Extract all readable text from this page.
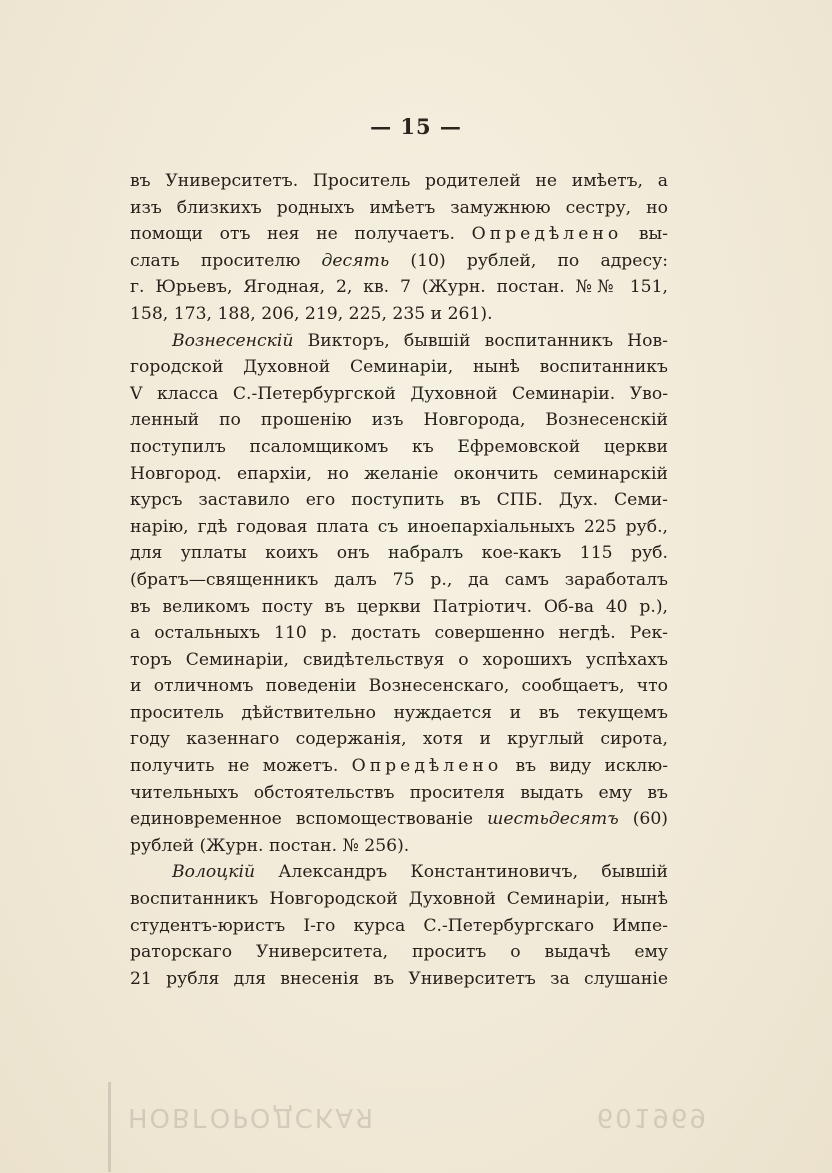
— 15 —
въ Университетъ. Проситель родителей не имѣетъ, а
изъ близкихъ родныхъ имѣетъ замужнюю сестру, но
помощи отъ нея не получаетъ. Опредѣлено вы-
слать просителю десять (10) рублей, по адресу:
г. Юрьевъ, Ягодная, 2, кв. 7 (Журн. постан. №№ 151,
158, 173, 188, 206, 219, 225, 235 и 261).
Вознесенскій Викторъ, бывшій воспитанникъ Нов-
городской Духовной Семинаріи, нынѣ воспитанникъ
V класса С.-Петербургской Духовной Семинаріи. Уво-
ленный по прошенію изъ Новгорода, Вознесенскій
поступилъ псаломщикомъ къ Ефремовской церкви
Новгород. епархіи, но желаніе окончить семинарскій
курсъ заставило его поступить въ СПБ. Дух. Семи-
нарію, гдѣ годовая плата съ иноепархіальныхъ 225 руб.,
для уплаты коихъ онъ набралъ кое-какъ 115 руб.
(братъ—священникъ далъ 75 р., да самъ заработалъ
въ великомъ посту въ церкви Патріотич. Об-ва 40 р.),
а остальныхъ 110 р. достать совершенно негдѣ. Рек-
торъ Семинаріи, свидѣтельствуя о хорошихъ успѣхахъ
и отличномъ поведеніи Вознесенскаго, сообщаетъ, что
проситель дѣйствительно нуждается и въ текущемъ
году казеннаго содержанія, хотя и круглый сирота,
получить не можетъ. Опредѣлено въ виду исклю-
чительныхъ обстоятельствъ просителя выдать ему въ
единовременное вспомоществованіе шестьдесятъ (60)
рублей (Журн. постан. № 256).
Волоцкій Александръ Константиновичъ, бывшій
воспитанникъ Новгородской Духовной Семинаріи, нынѣ
студентъ-юристъ I-го курса С.-Петербургскаго Импе-
раторскаго Университета, проситъ о выдачѣ ему
21 рубля для внесенія въ Университетъ за слушаніе
НОВГОРОДСКАЯ	601969
